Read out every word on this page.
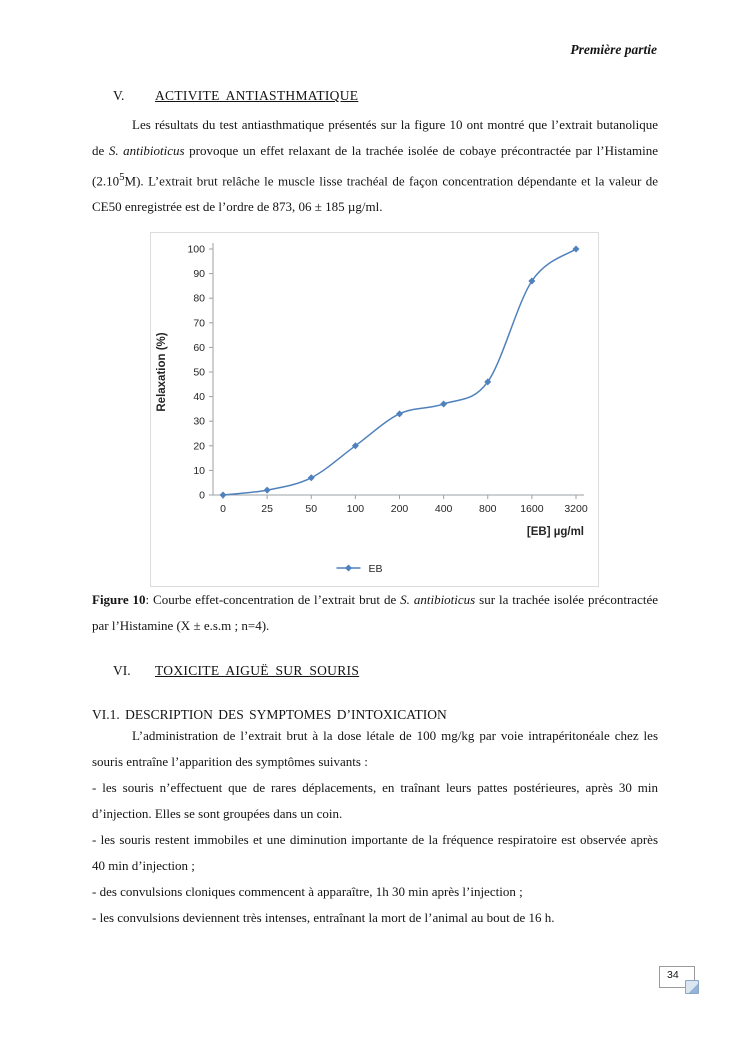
Première partie
V.	ACTIVITE ANTIASTHMATIQUE

Les résultats du test antiasthmatique présentés sur la figure 10 ont montré que l’extrait butanolique de S. antibioticus provoque un effet relaxant de la trachée isolée de cobaye précontractée par l’Histamine (2.10$^5$M). L’extrait brut relâche le muscle lisse trachéal de façon concentration dépendante et la valeur de CE50 enregistrée est de l’ordre de 873, 06 ± 185 µg/ml.

0
10
20
30
40
50
60
70
80
90
100
0	25	50	100	200	400	800 1600 3200
Relaxation (%)
[EB] µg/ml
EB

Figure 10: Courbe effet-concentration de l’extrait brut de S. antibioticus sur la trachée isolée précontractée par l’Histamine (X ± e.s.m ; n=4).

VI.	TOXICITE AIGUË SUR SOURIS
VI.1. DESCRIPTION DES SYMPTOMES D’INTOXICATION

L’administration de l’extrait brut à la dose létale de 100 mg/kg par voie intrapéritonéale chez les souris entraîne l’apparition des symptômes suivants :

- les souris n’effectuent que de rares déplacements, en traînant leurs pattes postérieures, après 30 min d’injection. Elles se sont groupées dans un coin.

- les souris restent immobiles et une diminution importante de la fréquence respiratoire est observée après 40 min d’injection ;

- des convulsions cloniques commencent à apparaître, 1h 30 min après l’injection ;

- les convulsions deviennent très intenses, entraînant la mort de l’animal au bout de 16 h.

34
